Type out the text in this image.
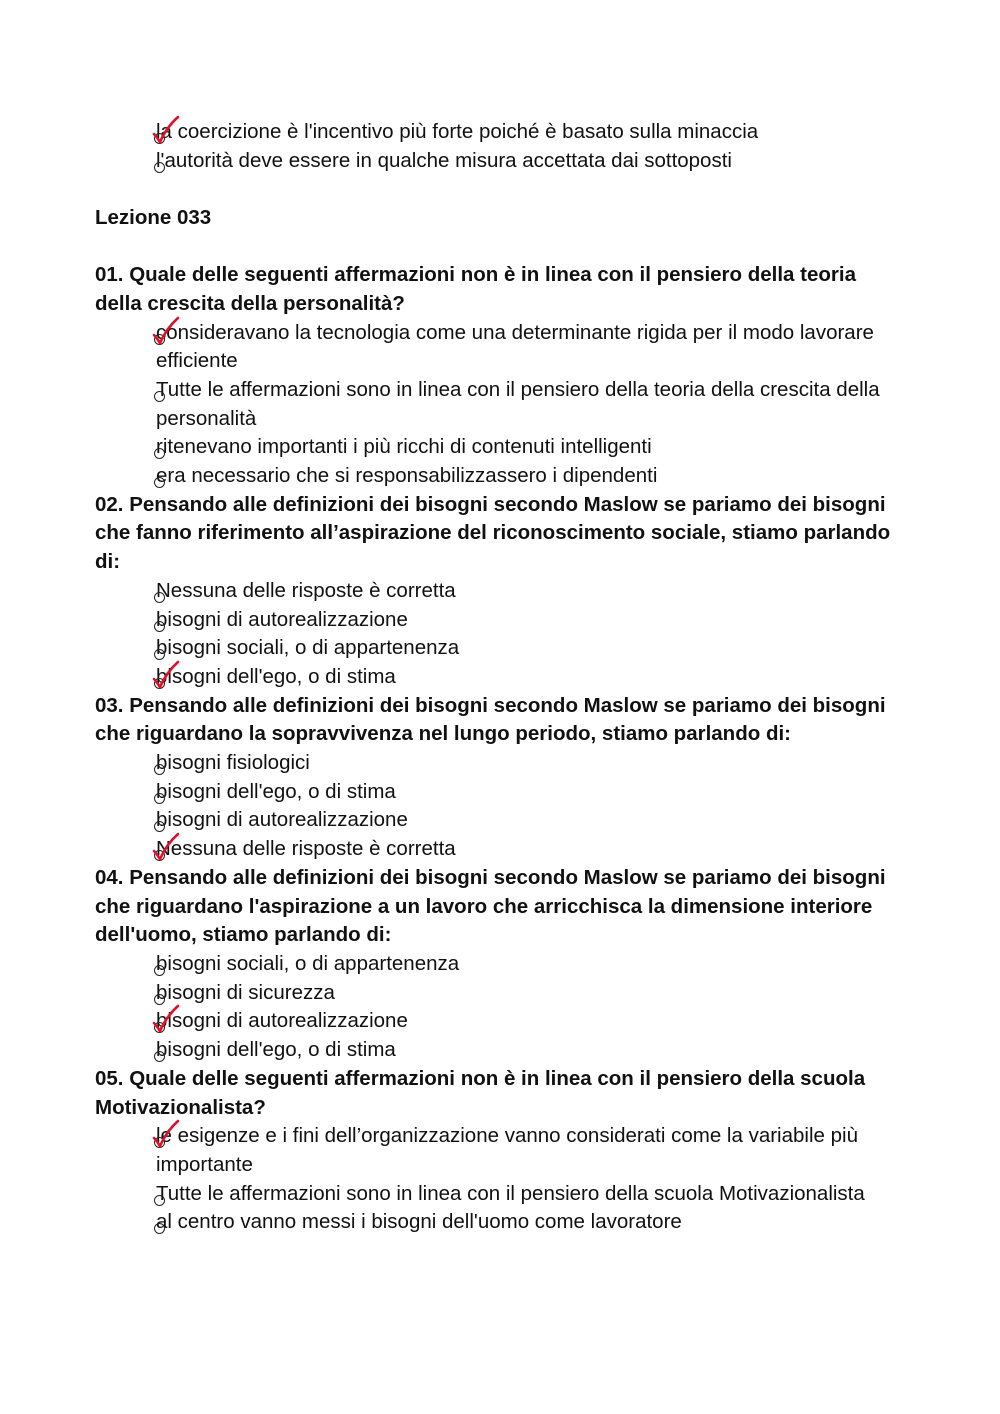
la coercizione è l'incentivo più forte poiché è basato sulla minaccia
l'autorità deve essere in qualche misura accettata dai sottoposti
Lezione 033
01. Quale delle seguenti affermazioni non è in linea con il pensiero della teoria della crescita della personalità?
consideravano la tecnologia come una determinante rigida per il modo lavorare efficiente
Tutte le affermazioni sono in linea con il pensiero della teoria della crescita della personalità
ritenevano importanti i più ricchi di contenuti intelligenti
era necessario che si responsabilizzassero i dipendenti
02. Pensando alle definizioni dei bisogni secondo Maslow se pariamo dei bisogni che fanno riferimento all’aspirazione del riconoscimento sociale, stiamo parlando di:
Nessuna delle risposte è corretta
bisogni di autorealizzazione
bisogni sociali, o di appartenenza
bisogni dell'ego, o di stima
03. Pensando alle definizioni dei bisogni secondo Maslow se pariamo dei bisogni che riguardano la sopravvivenza nel lungo periodo, stiamo parlando di:
bisogni fisiologici
bisogni dell'ego, o di stima
bisogni di autorealizzazione
Nessuna delle risposte è corretta
04. Pensando alle definizioni dei bisogni secondo Maslow se pariamo dei bisogni che riguardano l'aspirazione a un lavoro che arricchisca la dimensione interiore dell'uomo, stiamo parlando di:
bisogni sociali, o di appartenenza
bisogni di sicurezza
bisogni di autorealizzazione
bisogni dell'ego, o di stima
05. Quale delle seguenti affermazioni non è in linea con il pensiero della scuola Motivazionalista?
le esigenze e i fini dell’organizzazione vanno considerati come la variabile più importante
Tutte le affermazioni sono in linea con il pensiero della scuola Motivazionalista
al centro vanno messi i bisogni dell'uomo come lavoratore
